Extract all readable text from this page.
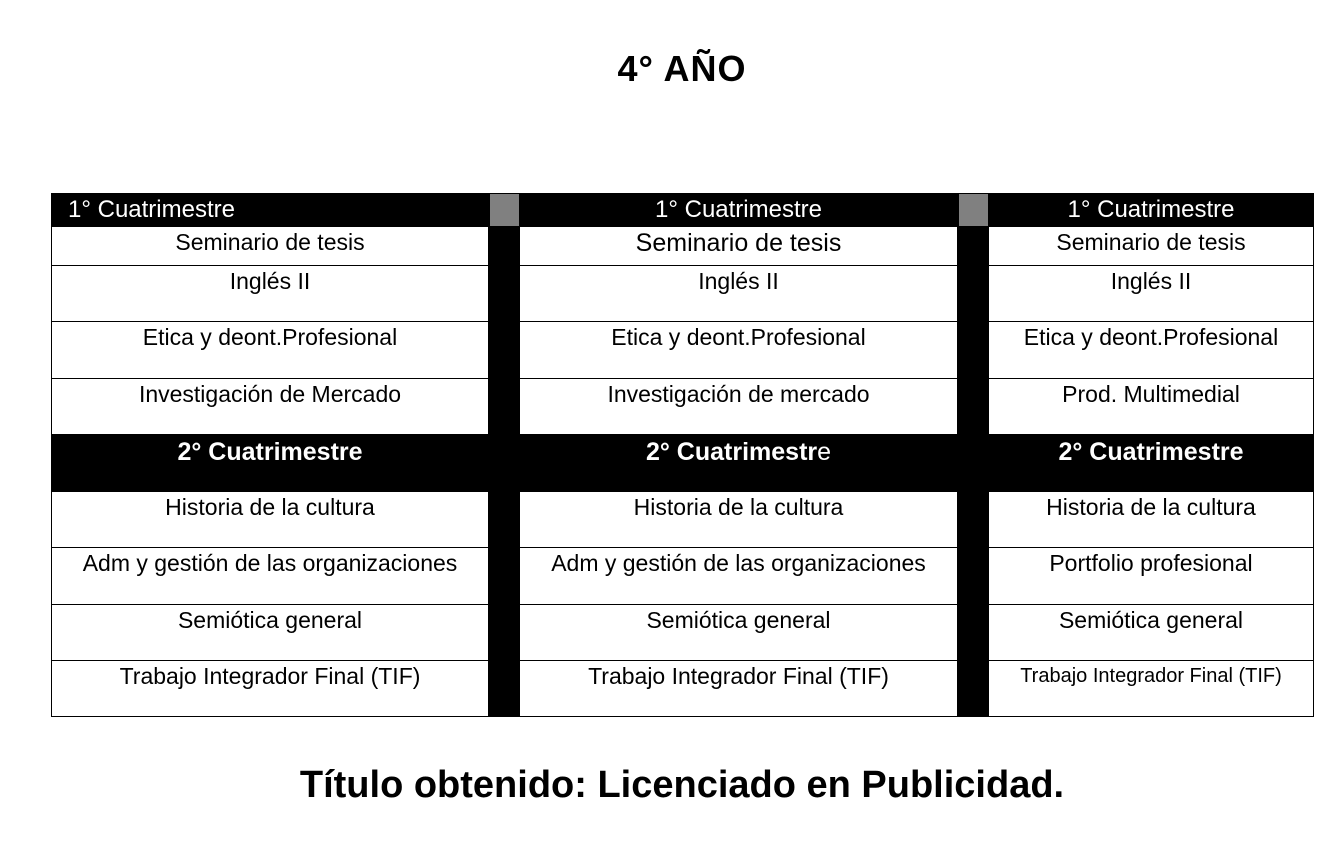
4° AÑO
1° Cuatrimestre	1° Cuatrimestre	1° Cuatrimestre
Seminario de tesis	Seminario de tesis	Seminario de tesis
Inglés II	Inglés II	Inglés II
Etica y deont.Profesional	Etica y deont.Profesional	Etica y deont.Profesional
Investigación de Mercado	Investigación de mercado	Prod. Multimedial
2° Cuatrimestre	2° Cuatrimestre	2° Cuatrimestre
Historia de la cultura	Historia de la cultura	Historia de la cultura
Adm y gestión de las organizaciones	Adm y gestión de las organizaciones	Portfolio profesional
Semiótica general	Semiótica general	Semiótica general
Trabajo Integrador Final (TIF)	Trabajo Integrador Final (TIF)	Trabajo Integrador Final (TIF)
Título obtenido: Licenciado en Publicidad.
